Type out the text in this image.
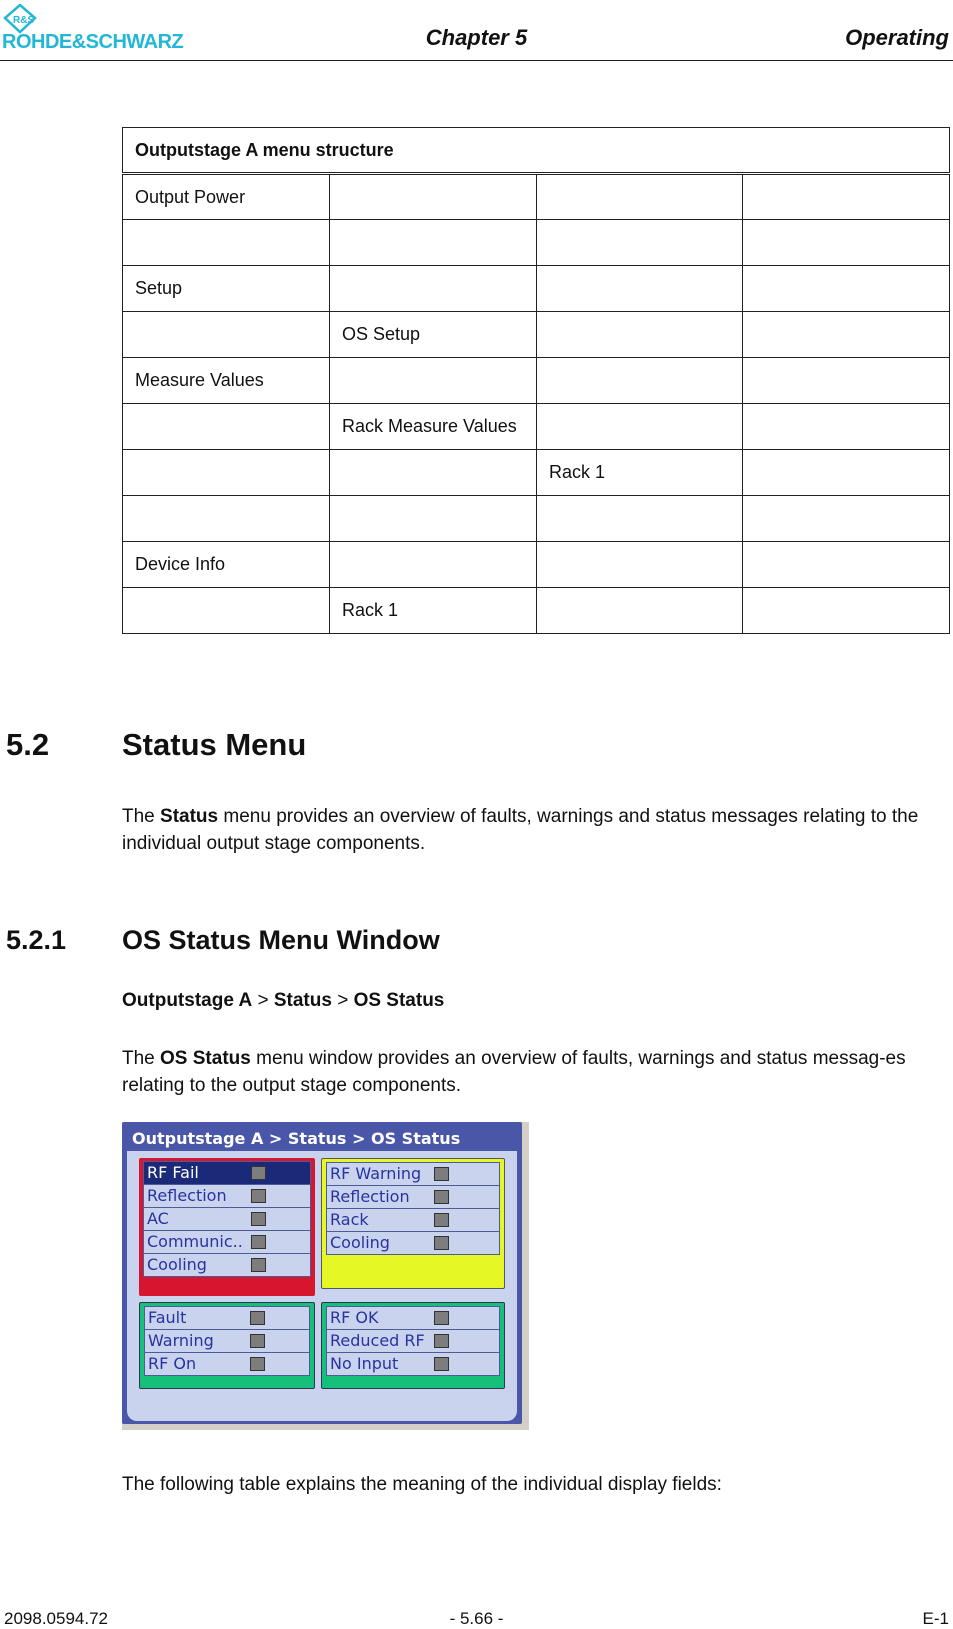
R&S
ROHDE&SCHWARZ	Chapter 5	Operating
Outputstage A menu structure			
Output Power			

Setup			
	OS Setup		
Measure Values			
	Rack Measure Values		
		Rack 1	

Device Info			
	Rack 1		
5.2 Status Menu

The Status menu provides an overview of faults, warnings and status messages relating to the individual output stage components.

5.2.1 OS Status Menu Window

Outputstage A > Status > OS Status

The OS Status menu window provides an overview of faults, warnings and status messag-es relating to the output stage components.

Outputstage A > Status > OS Status
RF Fail
Reflection
AC
Communic..
Cooling
RF Warning
Reflection
Rack
Cooling
Fault
Warning
RF On
RF OK
Reduced RF
No Input

The following table explains the meaning of the individual display fields:

2098.0594.72	- 5.66 -	E-1
